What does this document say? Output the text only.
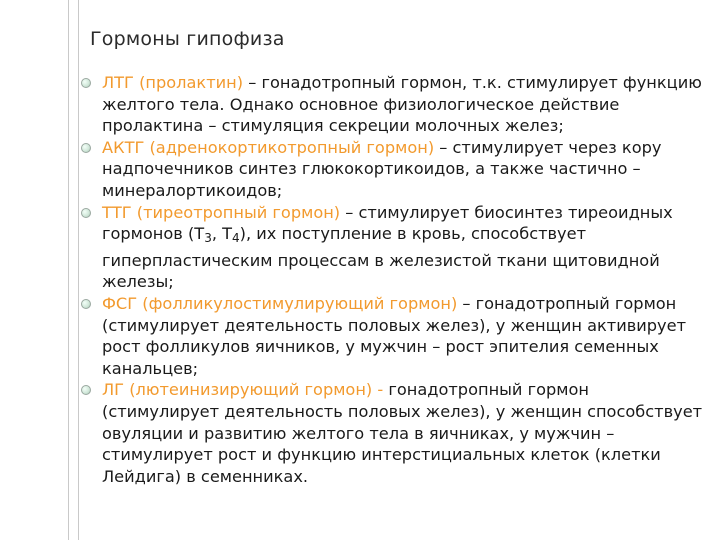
Гормоны гипофиза
ЛТГ (пролактин) – гонадотропный гормон, т.к. стимулирует функцию желтого тела. Однако основное физиологическое действие пролактина – стимуляция секреции молочных желез;
АКТГ (адренокортикотропный гормон) – стимулирует через кору надпочечников синтез глюкокортикоидов, а также частично – минералортикоидов;
ТТГ (тиреотропный гормон) – стимулирует биосинтез тиреоидных гормонов ($Т_3$, $Т_4$), их поступление в кровь, способствует гиперпластическим процессам в железистой ткани щитовидной железы;
ФСГ (фолликулостимулирующий гормон) – гонадотропный гормон (стимулирует деятельность половых желез), у женщин активирует рост фолликулов яичников, у мужчин – рост эпителия семенных канальцев;
ЛГ (лютеинизирующий гормон) - гонадотропный гормон (стимулирует деятельность половых желез), у женщин способствует овуляции и развитию желтого тела в яичниках, у мужчин – стимулирует рост и функцию интерстициальных клеток (клетки Лейдига) в семенниках.
